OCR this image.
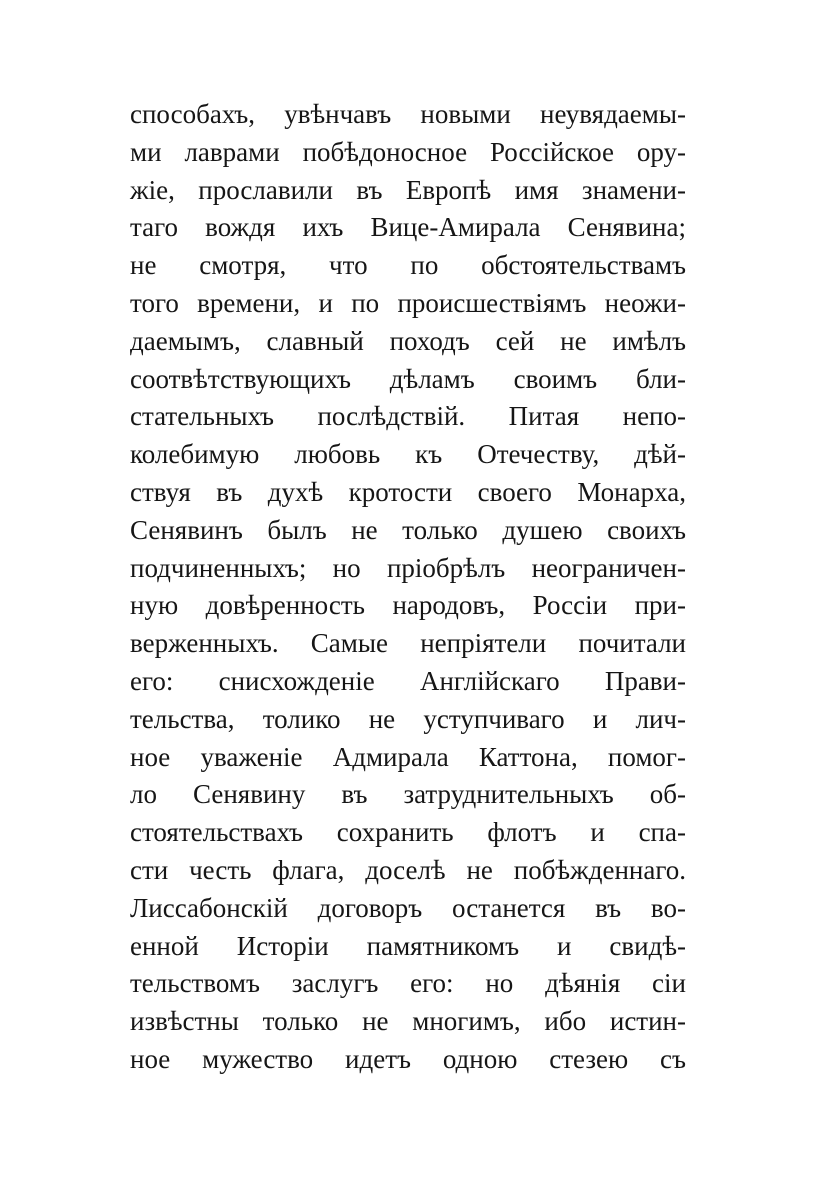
способахъ, увѣнчавъ новыми неувядаемы-
ми лаврами побѣдоносное Россiйское ору-
жiе, прославили въ Европѣ имя знамени-
таго вождя ихъ Вице-Амирала Сенявина;
не смотря, что по обстоятельствамъ
того времени, и по происшествiямъ неожи-
даемымъ, славный походъ сей не имѣлъ
соотвѣтствующихъ дѣламъ своимъ бли-
стательныхъ послѣдствiй. Питая непо-
колебимую любовь къ Отечеству, дѣй-
ствуя въ духѣ кротости своего Монарха,
Сенявинъ былъ не только душею своихъ
подчиненныхъ; но прiобрѣлъ неограничен-
ную довѣренность народовъ, Россiи при-
верженныхъ. Самые непрiятели почитали
его: снисхожденiе Англiйскаго Прави-
тельства, толико не уступчиваго и лич-
ное уваженiе Адмирала Каттона, помог-
ло Сенявину въ затруднительныхъ об-
стоятельствахъ сохранить флотъ и спа-
сти честь флага, доселѣ не побѣжденнаго.
Лиссабонскiй договоръ останется въ во-
енной Исторiи памятникомъ и свидѣ-
тельствомъ заслугъ его: но дѣянiя сiи
извѣстны только не многимъ, ибо истин-
ное мужество идетъ одною стезею съ
